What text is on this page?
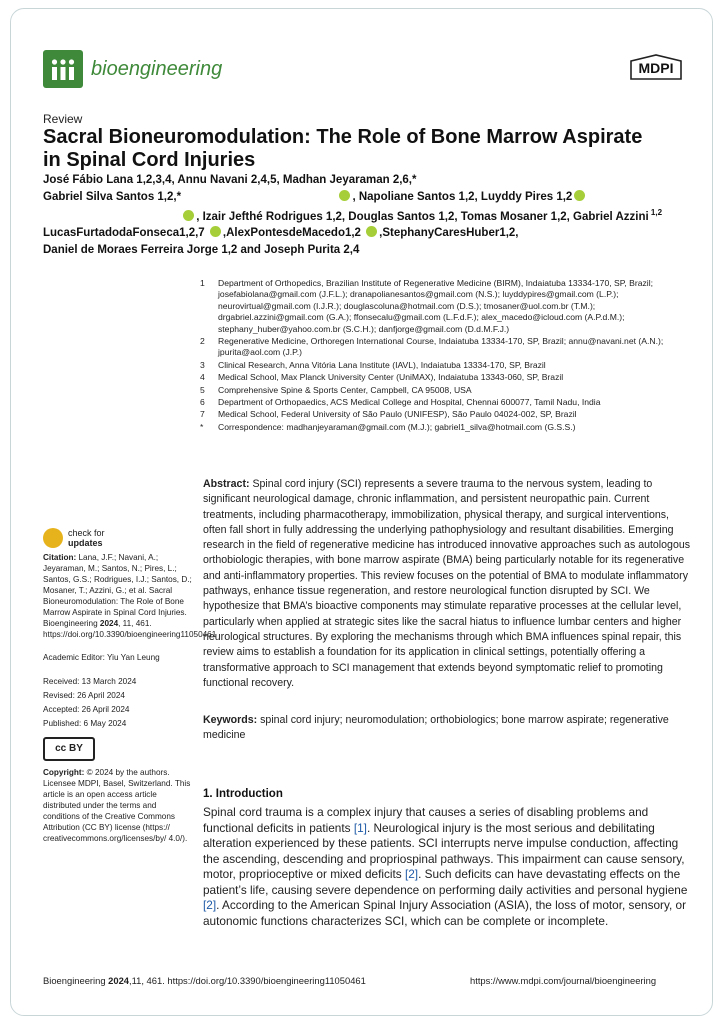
bioengineering	MDPI
Review
Sacral Bioneuromodulation: The Role of Bone Marrow Aspirate
in Spinal Cord Injuries
José Fábio Lana 1,2,3,4, Annu Navani 2,4,5, Madhan Jeyaraman 2,6,*
Gabriel Silva Santos 1,2,*	, Napoliane Santos 1,2, Luyddy Pires 1,2
, Izair Jefthé Rodrigues 1,2, Douglas Santos 1,2, Tomas Mosaner 1,2, Gabriel Azzini $^{1,2}$
LucasFurtadodaFonseca1,2,7 ,AlexPontesdeMacedo1,2 ,StephanyCaresHuber1,2,
Daniel de Moraes Ferreira Jorge 1,2 and Joseph Purita 2,4
1	Department of Orthopedics, Brazilian Institute of Regenerative Medicine (BIRM), Indaiatuba 13334-170, SP, Brazil; josefabiolana@gmail.com (J.F.L.); dranapolianesantos@gmail.com (N.S.); luyddypires@gmail.com (L.P.); neurovirtual@gmail.com (I.J.R.); douglascoluna@hotmail.com (D.S.); tmosaner@uol.com.br (T.M.); drgabriel.azzini@gmail.com (G.A.); ffonsecalu@gmail.com (L.F.d.F.); alex_macedo@icloud.com (A.P.d.M.); stephany_huber@yahoo.com.br (S.C.H.); danfjorge@gmail.com (D.d.M.F.J.)
2	Regenerative Medicine, Orthoregen International Course, Indaiatuba 13334-170, SP, Brazil; annu@navani.net (A.N.); jpurita@aol.com (J.P.)
3	Clinical Research, Anna Vitória Lana Institute (IAVL), Indaiatuba 13334-170, SP, Brazil
4	Medical School, Max Planck University Center (UniMAX), Indaiatuba 13343-060, SP, Brazil
5	Comprehensive Spine & Sports Center, Campbell, CA 95008, USA
6	Department of Orthopaedics, ACS Medical College and Hospital, Chennai 600077, Tamil Nadu, India
7	Medical School, Federal University of São Paulo (UNIFESP), São Paulo 04024-002, SP, Brazil
*	Correspondence: madhanjeyaraman@gmail.com (M.J.); gabriel1_silva@hotmail.com (G.S.S.)
check for
updates
Citation: Lana, J.F.; Navani, A.; Jeyaraman, M.; Santos, N.; Pires, L.; Santos, G.S.; Rodrigues, I.J.; Santos, D.; Mosaner, T.; Azzini, G.; et al. Sacral Bioneuromodulation: The Role of Bone Marrow Aspirate in Spinal Cord Injuries. Bioengineering 2024, 11, 461. https://doi.org/10.3390/bioengineering11050461
Academic Editor: Yiu Yan Leung
Received: 13 March 2024
Revised: 26 April 2024
Accepted: 26 April 2024
Published: 6 May 2024
cc BY
Copyright: © 2024 by the authors. Licensee MDPI, Basel, Switzerland. This article is an open access article distributed under the terms and conditions of the Creative Commons Attribution (CC BY) license (https:// creativecommons.org/licenses/by/ 4.0/).
Abstract: Spinal cord injury (SCI) represents a severe trauma to the nervous system, leading to significant neurological damage, chronic inflammation, and persistent neuropathic pain. Current treatments, including pharmacotherapy, immobilization, physical therapy, and surgical interventions, often fall short in fully addressing the underlying pathophysiology and resultant disabilities. Emerging research in the field of regenerative medicine has introduced innovative approaches such as autologous orthobiologic therapies, with bone marrow aspirate (BMA) being particularly notable for its regenerative and anti-inflammatory properties. This review focuses on the potential of BMA to modulate inflammatory pathways, enhance tissue regeneration, and restore neurological function disrupted by SCI. We hypothesize that BMA’s bioactive components may stimulate reparative processes at the cellular level, particularly when applied at strategic sites like the sacral hiatus to influence lumbar centers and higher neurological structures. By exploring the mechanisms through which BMA influences spinal repair, this review aims to establish a foundation for its application in clinical settings, potentially offering a transformative approach to SCI management that extends beyond symptomatic relief to promoting functional recovery.
Keywords: spinal cord injury; neuromodulation; orthobiologics; bone marrow aspirate; regenerative medicine
1. Introduction
Spinal cord trauma is a complex injury that causes a series of disabling problems and functional deficits in patients [1]. Neurological injury is the most serious and debilitating alteration experienced by these patients. SCI interrupts nerve impulse conduction, affecting the ascending, descending and propriospinal pathways. This impairment can cause sensory, motor, proprioceptive or mixed deficits [2]. Such deficits can have devastating effects on the patient’s life, causing severe dependence on performing daily activities and personal hygiene [2]. According to the American Spinal Injury Association (ASIA), the loss of motor, sensory, or autonomic functions characterizes SCI, which can be complete or incomplete.
Bioengineering 2024,11, 461. https://doi.org/10.3390/bioengineering11050461	https://www.mdpi.com/journal/bioengineering
